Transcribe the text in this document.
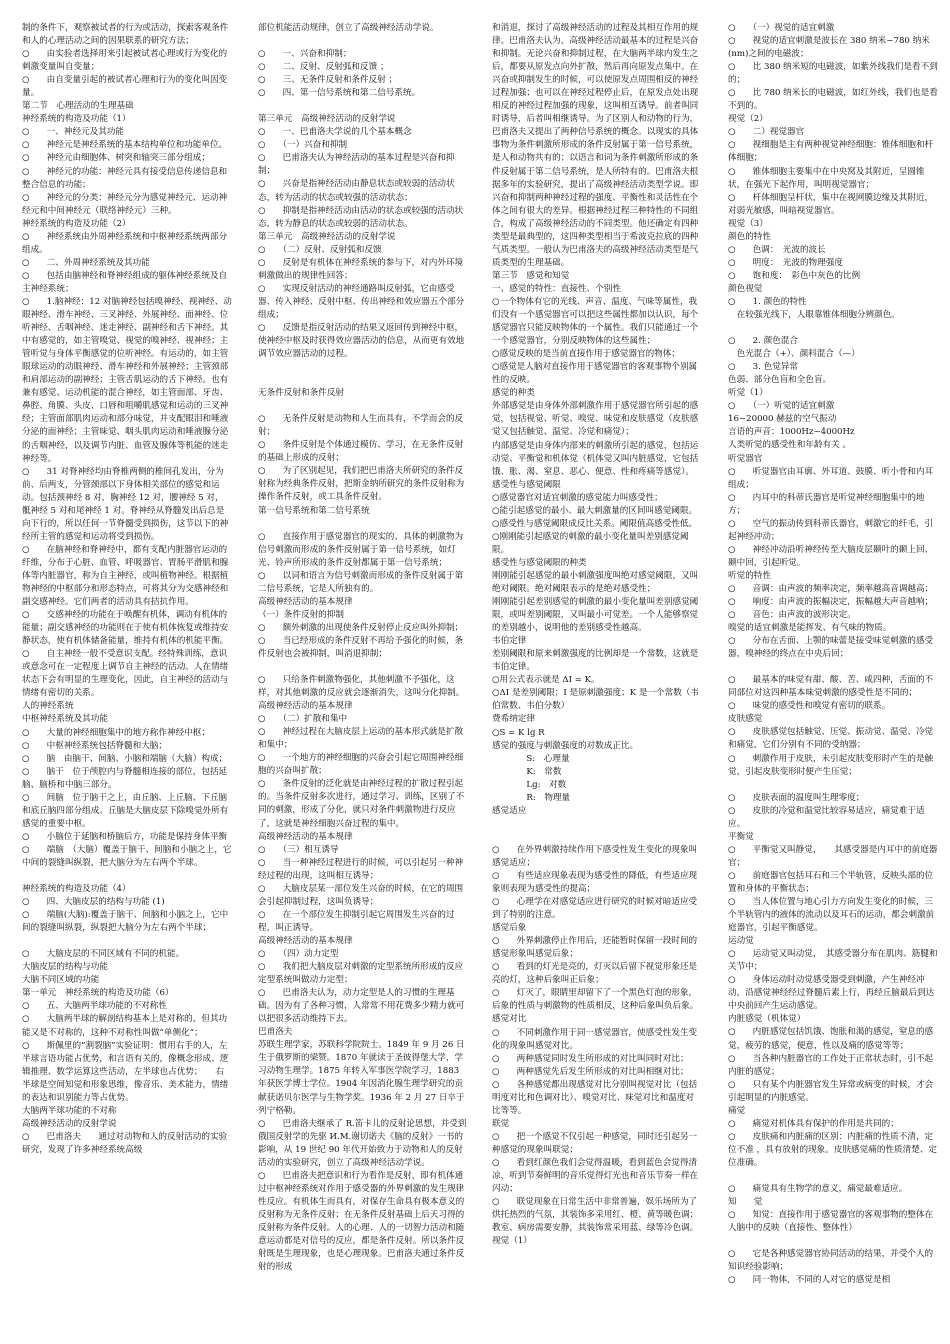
制的条件下，观察被试者的行为或活动，探索客观条件和人的心理活动之间的因果联系的研究方法；

○　　由实验者选择用来引起被试者心理或行为变化的刺激变量叫自变量；

○　　由自变量引起的被试者心理和行为的变化叫因变量。

第二节　心理活动的生理基础

神经系统的构造及功能（1）

○　　一、神经元及其功能

○　　神经元是神经系统的基本结构单位和功能单位。

○　　神经元由细胞体、树突和轴突三部分组成；

○　　神经元的功能：神经元具有接受信息传递信息和整合信息的功能；

○　　神经元的分类：神经元分为感觉神经元、运动神经元和中间神经元（联络神经元）三种。

神经系统的构造及功能（2）

○　　神经系统由外周神经系统和中枢神经系统两部分组成。

○　　二、外周神经系统及其功能

○　　包括由脑神经和脊神经组成的躯体神经系统及自主神经系统；

○　　1.脑神经：12 对脑神经包括嗅神经、视神经、动眼神经、滑车神经、三叉神经、外展神经、面神经、位听神经、舌咽神经、迷走神经、副神经和舌下神经。其中有感觉的，如主管嗅觉、视觉的嗅神经、视神经；主管听觉与身体平衡感觉的位听神经。有运动的，如主管眼球运动的动眼神经、滑车神经和外展神经；主管颈部和肩部运动的副神经；主管舌肌运动的舌下神经。也有兼有感觉、运动机能的混合神经，如主管面部、牙齿、鼻腔、角膜、头皮、口唇和咀嚼肌感觉和运动的三叉神经；主管面部肌肉运动和部分味觉，并支配眼泪和唾液分泌的面神经；主管味觉、咽头肌肉运动和唾液腺分泌的舌咽神经，以及调节内脏、血管及腺体等机能的迷走神经等。

○　　31 对脊神经均由脊椎两侧的椎间孔发出，分为前、后两支，分管颈部以下身体相关部位的感觉和运动。包括颈神经 8 对，胸神经 12 对，腰神经 5 对，骶神经 5 对和尾神经 1 对。脊神经从脊髓发出后总是向下行的，所以任何一节脊髓受到损伤，这节以下的神经所主管的感觉和运动将受到损伤。

○　　在脑神经和脊神经中，都有支配内脏器官运动的纤维，分布于心脏、血管、呼吸器官、胃肠平滑肌和腺体等内脏器官，称为自主神经，或叫植物神经。根据植物神经的中枢部分和形态特点，可将其分为交感神经和副交感神经。它们两者的活动具有拮抗作用。

○　　交感神经的功能在于唤醒有机体，调动有机体的能量；副交感神经的功能则在于使有机体恢复或维持安静状态，使有机体储备能量，维持有机体的机能平衡。

○　　自主神经一般不受意识支配。经特殊训练，意识或意念可在一定程度上调节自主神经的活动。人在情绪状态下会有明显的生理变化，因此，自主神经的活动与情绪有密切的关系。

人的神经系统

中枢神经系统及其功能

○　　大量的神经细胞集中的地方称作神经中枢；

○　　中枢神经系统包括脊髓和大脑；

○　　脑　由脑干、间脑、小脑和端脑（大脑）构成；

○　　脑干　位于颅腔内与脊髓相连接的部位，包括延脑、脑桥和中脑三部分。

○　　间脑　位于脑干之上，由丘脑、上丘脑、下丘脑和底丘脑四部分组成。丘脑是大脑皮层下除嗅觉外所有感觉的重要中枢。

○　　小脑位于延脑和桥脑后方，功能是保持身体平衡

○　　端脑　（大脑）覆盖于脑干、间脑和小脑之上，它中间的裂缝叫纵裂，把大脑分为左右两个半球。

神经系统的构造及功能（4）

○　　四、大脑皮层的结构与功能 (1)

○　　端脑(大脑):覆盖于脑干、间脑和小脑之上，它中间的裂缝叫纵裂，纵裂把大脑分为左右两个半球；

○　　大脑皮层的不同区域有不同的机能。

大脑皮层的结构与功能

大脑不同区域的功能

第一单元　神经系统的构造及功能（6）

○　　五、大脑两半球功能的不对称性

○　　大脑两半球的解剖结构基本上是对称的，但其功能又是不对称的，这种不对称性叫做“单侧化”；

○　　斯佩里的“割裂脑”实验证明：惯用右手的人，左半球言语功能占优势，和言语有关的，像概念形成、逻辑推理、数学运算这些活动，左半球也占优势；　　右半球是空间知觉和形象思维，像音乐、美术能力，情绪的表达和识别能力等占优势。

大脑两半球功能的不对称

高级神经活动的反射学说

○　　巴甫洛夫　　通过对动物和人的反射活动的实验研究，发现了许多神经系统高级

部位机能活动规律，创立了高级神经活动学说。

○　　一、兴奋和抑制；

○　　二、反射、反射弧和反馈 ；

○　　三、无条件反射和条件反射 ；

○　　四、第一信号系统和第二信号系统。

第三单元　高级神经活动的反射学说

○　　一、巴甫洛夫学说的几个基本概念

○　　（一）兴奋和抑制

○　　巴甫洛夫认为神经活动的基本过程是兴奋和抑制；

○　　兴奋是指神经活动由静息状态或较弱的活动状态，转为活动的状态或较强的活动状态；

○　　抑制是指神经活动由活动的状态或较强的活动状态，转为静息的状态或较弱的活动状态。

第三单元　高级神经活动的反射学说

○　　（二）反射、反射弧和反馈

○　　反射是有机体在神经系统的参与下，对内外环境刺激做出的规律性回答；

○　　实现反射活动的神经通路叫反射弧，它由感受器、传入神经、反射中枢、传出神经和效应器五个部分组成；

○　　反馈是指反射活动的结果又返回传到神经中枢，使神经中枢及时获得效应器活动的信息，从而更有效地调节效应器活动的过程。

无条件反射和条件反射

○　　无条件反射是动物和人生而具有，不学而会的反射；

○　　条件反射是个体通过模仿、学习，在无条件反射的基础上形成的反射；

○　　为了区别起见，我们把巴甫洛夫所研究的条件反射称为经典条件反射，把斯金纳所研究的条件反射称为操作条件反射，或工具条件反射。

第一信号系统和第二信号系统

○　　直接作用于感觉器官的现实的、具体的刺激物为信号刺激而形成的条件反射属于第一信号系统，如灯光、铃声所形成的条件反射都属于第一信号系统；

○　　以词和语言为信号刺激而形成的条件反射属于第二信号系统，它是人所独有的。

高级神经活动的基本规律

（一）条件反射的抑制

○　　额外刺激的出现使条件反射停止反应叫外抑制；

○　　当已经形成的条件反射不再给予强化的时候，条件反射也会被抑制，叫消退抑制；

○　　只给条件刺激物强化，其他刺激不予强化，这样，对其他刺激的反应就会逐渐消失，这叫分化抑制。

高级神经活动的基本规律

○　　（二）扩散和集中

○　　神经过程在大脑皮层上运动的基本形式就是扩散和集中；

○　　一个地方的神经细胞的兴奋会引起它周围神经细胞的兴奋叫扩散；

○　　条件反射的泛化就是由神经过程的扩散过程引起的。当条件反射多次进行，通过学习、训练，区别了不同的刺激，形成了分化，就只对条件刺激物进行反应了，这就是神经细胞兴奋过程的集中。

高级神经活动的基本规律

○　　（三）相互诱导

○　　当一种神经过程进行的时候，可以引起另一种神经过程的出现，这叫相互诱导；

○　　大脑皮层某一部位发生兴奋的时候，在它的周围会引起抑制过程，这叫负诱导；

○　　在一个部位发生抑制引起它周围发生兴奋的过程，叫正诱导。

高级神经活动的基本规律

○　　（四）动力定型

○　　我们把大脑皮层对刺激的定型系统所形成的反应定型系统叫做动力定型；

○　　巴甫洛夫认为，动力定型是人的习惯的生理基础。因为有了各种习惯，人常常不用花费多少精力就可以把很多活动维持下去。

巴甫洛夫

苏联生理学家，苏联科学院院士。1849 年 9 月 26 日生于俄罗斯的梁赞。1870 年就读于圣彼得堡大学，学习动物生理学。1875 年转入军事医学院学习，1883 年获医学博士学位。1904 年因消化腺生理学研究的贡献获诺贝尔医学与生物学奖。1936 年 2 月 27 日卒于列宁格勒。

○　　巴甫洛夫继承了 R.笛卡儿的反射论思想，并受到俄国反射学的先驱 И.М.谢切诺夫《脑的反射》一书的影响，从 19 世纪 90 年代开始致力于动物和人的反射活动的实验研究，创立了高级神经活动学说。

○　　巴甫洛夫把意识和行为看作是反射，即有机体通过中枢神经系统对作用于感受器的外界刺激的发生规律性反应。有机体生而具有，对保存生命具有极本意义的反射称为无条件反射；在无条件反射基础上后天习得的反射称为条件反射。人的心理、人的一切智力活动和随意运动都是对信号的反应，都是条件反射。所以条件反射既是生理现象，也是心理现象。巴甫洛夫通过条件反射的形成

和消退，探讨了高级神经活动的过程及其相互作用的规律。巴甫洛夫认为，高级神经活动最基本的过程是兴奋和抑制。无论兴奋和抑制过程，在大脑两半球内发生之后，都要从原发点向外扩散，然后再向原发点集中。在兴奋或抑制发生的时候，可以使原发点周围相反的神经过程加强；也可以在神经过程停止后，在原发点处出现相反的神经过程加强的现象，这叫相互诱导。前者叫同时诱导，后者叫相继诱导。为了区别人和动物的行为，巴甫洛夫又提出了两种信号系统的概念。以现实的具体事物为条件刺激所形成的条件反射属于第一信号系统，是人和动物共有的；以语言和词为条件刺激所形成的条件反射属于第二信号系统，是人所特有的。巴甫洛夫根据多年的实验研究，提出了高级神经活动类型学说。即兴奋和抑制两种神经过程的强度、平衡性和灵活性在个体之间有很大的差异。根据神经过程三种特性的不同组合，构成了高级神经活动的不同类型。他还确定有四种类型是最典型的，这四种类型相当于希波克拉底的四种气质类型。一般认为巴甫洛夫的高级神经活动类型是气质类型的生理基础。

第三节　感觉和知觉

一、感觉的特性：直接性、个别性

○一个物体有它的光线、声音、温度、气味等属性，我们没有一个感觉器官可以把这些属性都加以认识，每个感觉器官只能反映物体的一个属性。我们只能通过一个一个感觉器官，分别反映物体的这些属性；

○感觉反映的是当前直接作用于感觉器官的物体；

○感觉是人脑对直接作用于感觉器官的客观事物个别属性的反映。

感觉的种类

外部感觉是由身体外部刺激作用于感觉器官所引起的感觉，包括视觉、听觉、嗅觉、味觉和皮肤感觉（皮肤感觉又包括触觉、温觉、冷觉和痛觉）；

内部感觉是由身体内部来的刺激所引起的感觉，包括运动觉、平衡觉和机体觉（机体觉又叫内脏感觉，它包括饿、胀、渴、窒息、恶心、便意、性和疼痛等感觉）。

感受性与感觉阈限

○感觉器官对适宜刺激的感觉能力叫感受性；

○能引起感觉的最小、最大刺激量的区间叫感觉阈限。

○感受性与感觉阈限成反比关系。阈限值高感受性低。

○刚刚能引起感觉的刺激的最小变化量叫差别感觉阈限。

感受性与感觉阈限的种类

刚刚能引起感觉的最小刺激强度叫绝对感觉阈限，又叫绝对阈限。绝对阈限表示的是绝对感受性；

刚刚能引起差别感觉的刺激的最小变化量叫差别感觉阈限，或叫差别阈限，又叫最小可觉差。一个人能够察觉的差别越小，说明他的差别感受性越高。

韦伯定律

差别阈限和原来刺激强度的比例却是一个常数，这就是韦伯定律。

○用公式表示就是 ΔI = K。

○ΔI 是差别阈限；I 是原刺激强度；K 是一个常数（韦伯常数、韦伯分数）

费希纳定律

○S = K lg R

感觉的强度与刺激强度的对数成正比。

　　　　S:　心理量

　　　　K:　常数

　　　　Lg:　对数

　　　　R:　物理量

感觉适应

○　　在外界刺激持续作用下感受性发生变化的现象叫感觉适应；

○　　有些适应现象表现为感受性的降低，有些适应现象则表现为感受性的提高；

○　　心理学在对感觉适应进行研究的时候对暗适应受到了特别的注意。

感觉后象

○　　外界刺激停止作用后，还能暂时保留一段时间的感觉形象叫感觉后象；

○　　看到的灯光是亮的，灯灭以后留下视觉形象还是亮的灯，这种后象叫正后象；

○　　灯灭了，眼睛里却留下了一个黑色灯泡的形象，后象的性质与刺激物的性质相反，这种后象叫负后象。

感觉对比

○　　不同刺激作用于同一感觉器官，使感受性发生变化的现象叫感觉对比。

○　　两种感觉同时发生所形成的对比叫同时对比；

○　　两种感觉先后发生所形成的对比叫相继对比；

○　　各种感觉都出现感觉对比分别叫视觉对比（包括明度对比和色调对比）、嗅觉对比、味觉对比和温度对比等等。

联觉

○　　把一个感觉不仅引起一种感觉，同时还引起另一种感觉的现象叫联觉；

○　　看到红颜色我们会觉得温暖，看到蓝色会觉得清凉，听到节奏鲜明的音乐觉得灯光也和音乐节奏一样在闪动；

○　　联觉现象在日常生活中非常普遍，娱乐场所为了烘托热烈的气氛，其装饰多采用红、橙、黄等暖色调；教室、病房需要安静，其装饰常采用蓝、绿等冷色调。

视觉（1）

○　　（一）视觉的适宜刺激

○　　视觉的适宜刺激是波长在 380 纳米~780 纳米(nm)之间的电磁波；

○　　比 380 纳米短的电磁波，如紫外线我们是看不到的；

○　　比 780 纳米长的电磁波，如红外线，我们也是看不到的。

视觉（2）

○　　二）视觉器官

○　　视细胞是主有两种视觉神经细胞：锥体细胞和杆体细胞；

○　　锥体细胞主要集中在中央窝及其附近，呈圆锥状，在强光下起作用，叫明视觉器官；

○　　杆体细胞呈杆状，集中在视网膜边缘及其附近，对弱光敏感，叫暗视觉器官。

视觉（3）

颜色的特性

○　　色调：　光波的波长

○　　明度：　光波的物理强度

○　　饱和度：　彩色中灰色的比例

颜色视觉

○　　1. 颜色的特性

　在较强光线下，人眼靠锥体细胞分辨颜色。

○　　2. 颜色混合

　色光混合（+）、颜料混合（—）

○　　3. 色觉异常

色弱、部分色盲和全色盲。

听觉（1）

○　　（一）听觉的适宜刺激

16~20000 赫兹的空气振动

言语的声音：1000Hz~4000Hz

人类听觉的感受性和年龄有关 。

听觉器官

○　　听觉器官由耳廓、外耳道、鼓膜、听小骨和内耳组成；

○　　内耳中的科蒂氏器官是听觉神经细胞集中的地方；

○　　空气的振动传到科蒂氏器官，刺激它的纤毛，引起神经冲动；

○　　神经冲动沿听神经传至大脑皮层颞叶的颞上回、颞中回，引起听觉。

听觉的特性

○　　音调：由声波的频率决定，频率越高音调越高；

○　　响度：由声波的振幅决定，振幅越大声音越响；

○　　音色：由声波的波形决定。

嗅觉的适宜刺激是能挥发、有气味的物质。

○　　分布在舌面、上颚的味蕾是接受味觉刺激的感受器，嗅神经的终点在中央后回；

○　　最基本的味觉有甜、酸、苦、咸四种，舌面的不同部位对这四种基本味觉刺激的感受性是不同的；

○　　味觉的感受性和嗅觉有密切的联系。

皮肤感觉

○　　皮肤感觉包括触觉、压觉、振动觉、温觉、冷觉和痛觉，它们分别有不同的受纳器；

○　　刺激作用于皮肤，未引起皮肤变形时产生的是触觉，引起皮肤变形时便产生压觉；

○　　皮肤表面的温度叫生理零度；

○　　皮肤的冷觉和温觉比较容易适应，痛觉难于适应。

平衡觉

○　　平衡觉又叫静觉，　　其感受器是内耳中的前庭器官；

○　　前庭器官包括耳石和三个半轨管，反映头部的位置和身体的平衡状态；

○　　当人体位置与地心引力方向发生变化的时候，三个半轨管内的液体的流动以及耳石的运动，都会刺激前庭器官，引起平衡感觉。

运动觉

○　　运动觉又叫动觉，　其感受器分布在肌肉、筋腱和关节中；

○　　身体运动时动觉感受器受到刺激，产生神经冲动，沿感觉神经经过脊髓后素上行，再经丘脑最后到达中央前回产生运动感觉。

内脏感觉（机体觉）

○　　内脏感觉包括饥饿、饱胀和渴的感觉，窒息的感觉，疲劳的感觉，便意，性以及痛的感觉等等；

○　　当各种内脏器官的工作处于正常状态时，引不起内脏的感觉；

○　　只有某个内脏器官发生异常或病变的时候，才会引起明显的内脏感觉。

痛觉

○　　痛觉对机体具有保护的作用是共同的；

○　　皮肤痛和内脏痛的区别：内脏痛的性质不清，定位不准 ，具有放射的现象。皮肤感觉痛的性质清楚、定位准确。

○　　痛觉具有生物学的意义，痛觉最难适应。

知　　觉

○　　知觉：直接作用于感觉器官的客观事物的整体在人脑中的反映（直接性、整体性）

○　　它是各种感觉器官协同活动的结果，并受个人的知识经验影响；

○　　同一物体，不同的人对它的感觉是相
